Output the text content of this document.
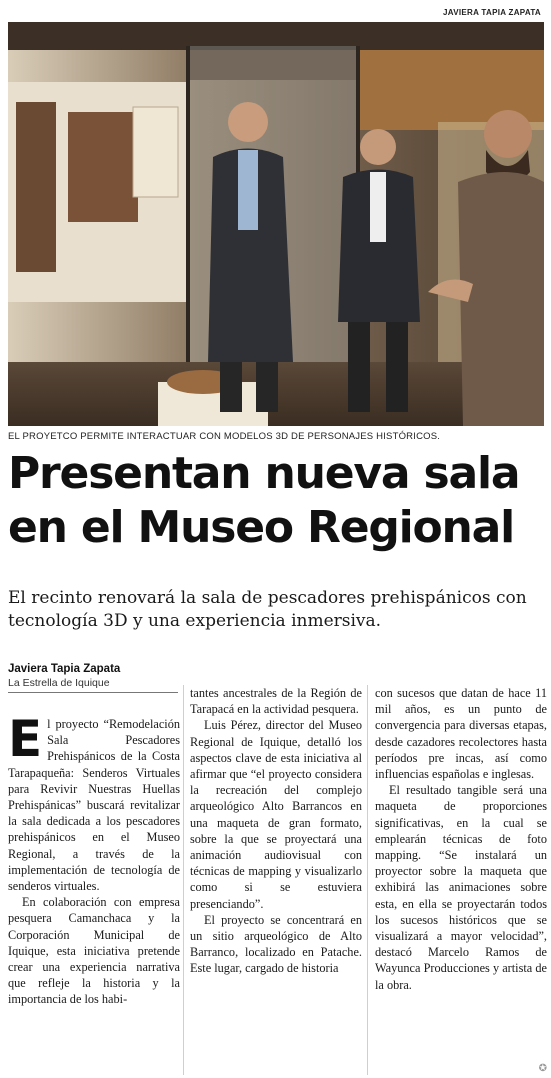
JAVIERA TAPIA ZAPATA
EL PROYETCO PERMITE INTERACTUAR CON MODELOS 3D DE PERSONAJES HISTÓRICOS.
Presentan nueva sala en el Museo Regional
El recinto renovará la sala de pescadores prehispánicos con tecnología 3D y una experiencia inmersiva.
Javiera Tapia Zapata
La Estrella de Iquique

El proyecto “Remodelación Sala Pescadores Prehispánicos de la Costa Tarapaqueña: Senderos Virtuales para Revivir Nuestras Huellas Prehispánicas” buscará revitalizar la sala dedicada a los pescadores prehispánicos en el Museo Regional, a través de la implementación de tecnología de senderos virtuales.

En colaboración con empresa pesquera Camanchaca y la Corporación Municipal de Iquique, esta iniciativa pretende crear una experiencia narrativa que refleje la historia y la importancia de los habi-

tantes ancestrales de la Región de Tarapacá en la actividad pesquera.

Luis Pérez, director del Museo Regional de Iquique, detalló los aspectos clave de esta iniciativa al afirmar que “el proyecto considera la recreación del complejo arqueológico Alto Barrancos en una maqueta de gran formato, sobre la que se proyectará una animación audiovisual con técnicas de mapping y visualizarlo como si se estuviera presenciando”.

El proyecto se concentrará en un sitio arqueológico de Alto Barranco, localizado en Patache. Este lugar, cargado de historia

con sucesos que datan de hace 11 mil años, es un punto de convergencia para diversas etapas, desde cazadores recolectores hasta períodos pre incas, así como influencias españolas e inglesas.

El resultado tangible será una maqueta de proporciones significativas, en la cual se emplearán técnicas de foto mapping. “Se instalará un proyector sobre la maqueta que exhibirá las animaciones sobre esta, en ella se proyectarán todos los sucesos históricos que se visualizará a mayor velocidad”, destacó Marcelo Ramos de Wayunca Producciones y artista de la obra.

✪
